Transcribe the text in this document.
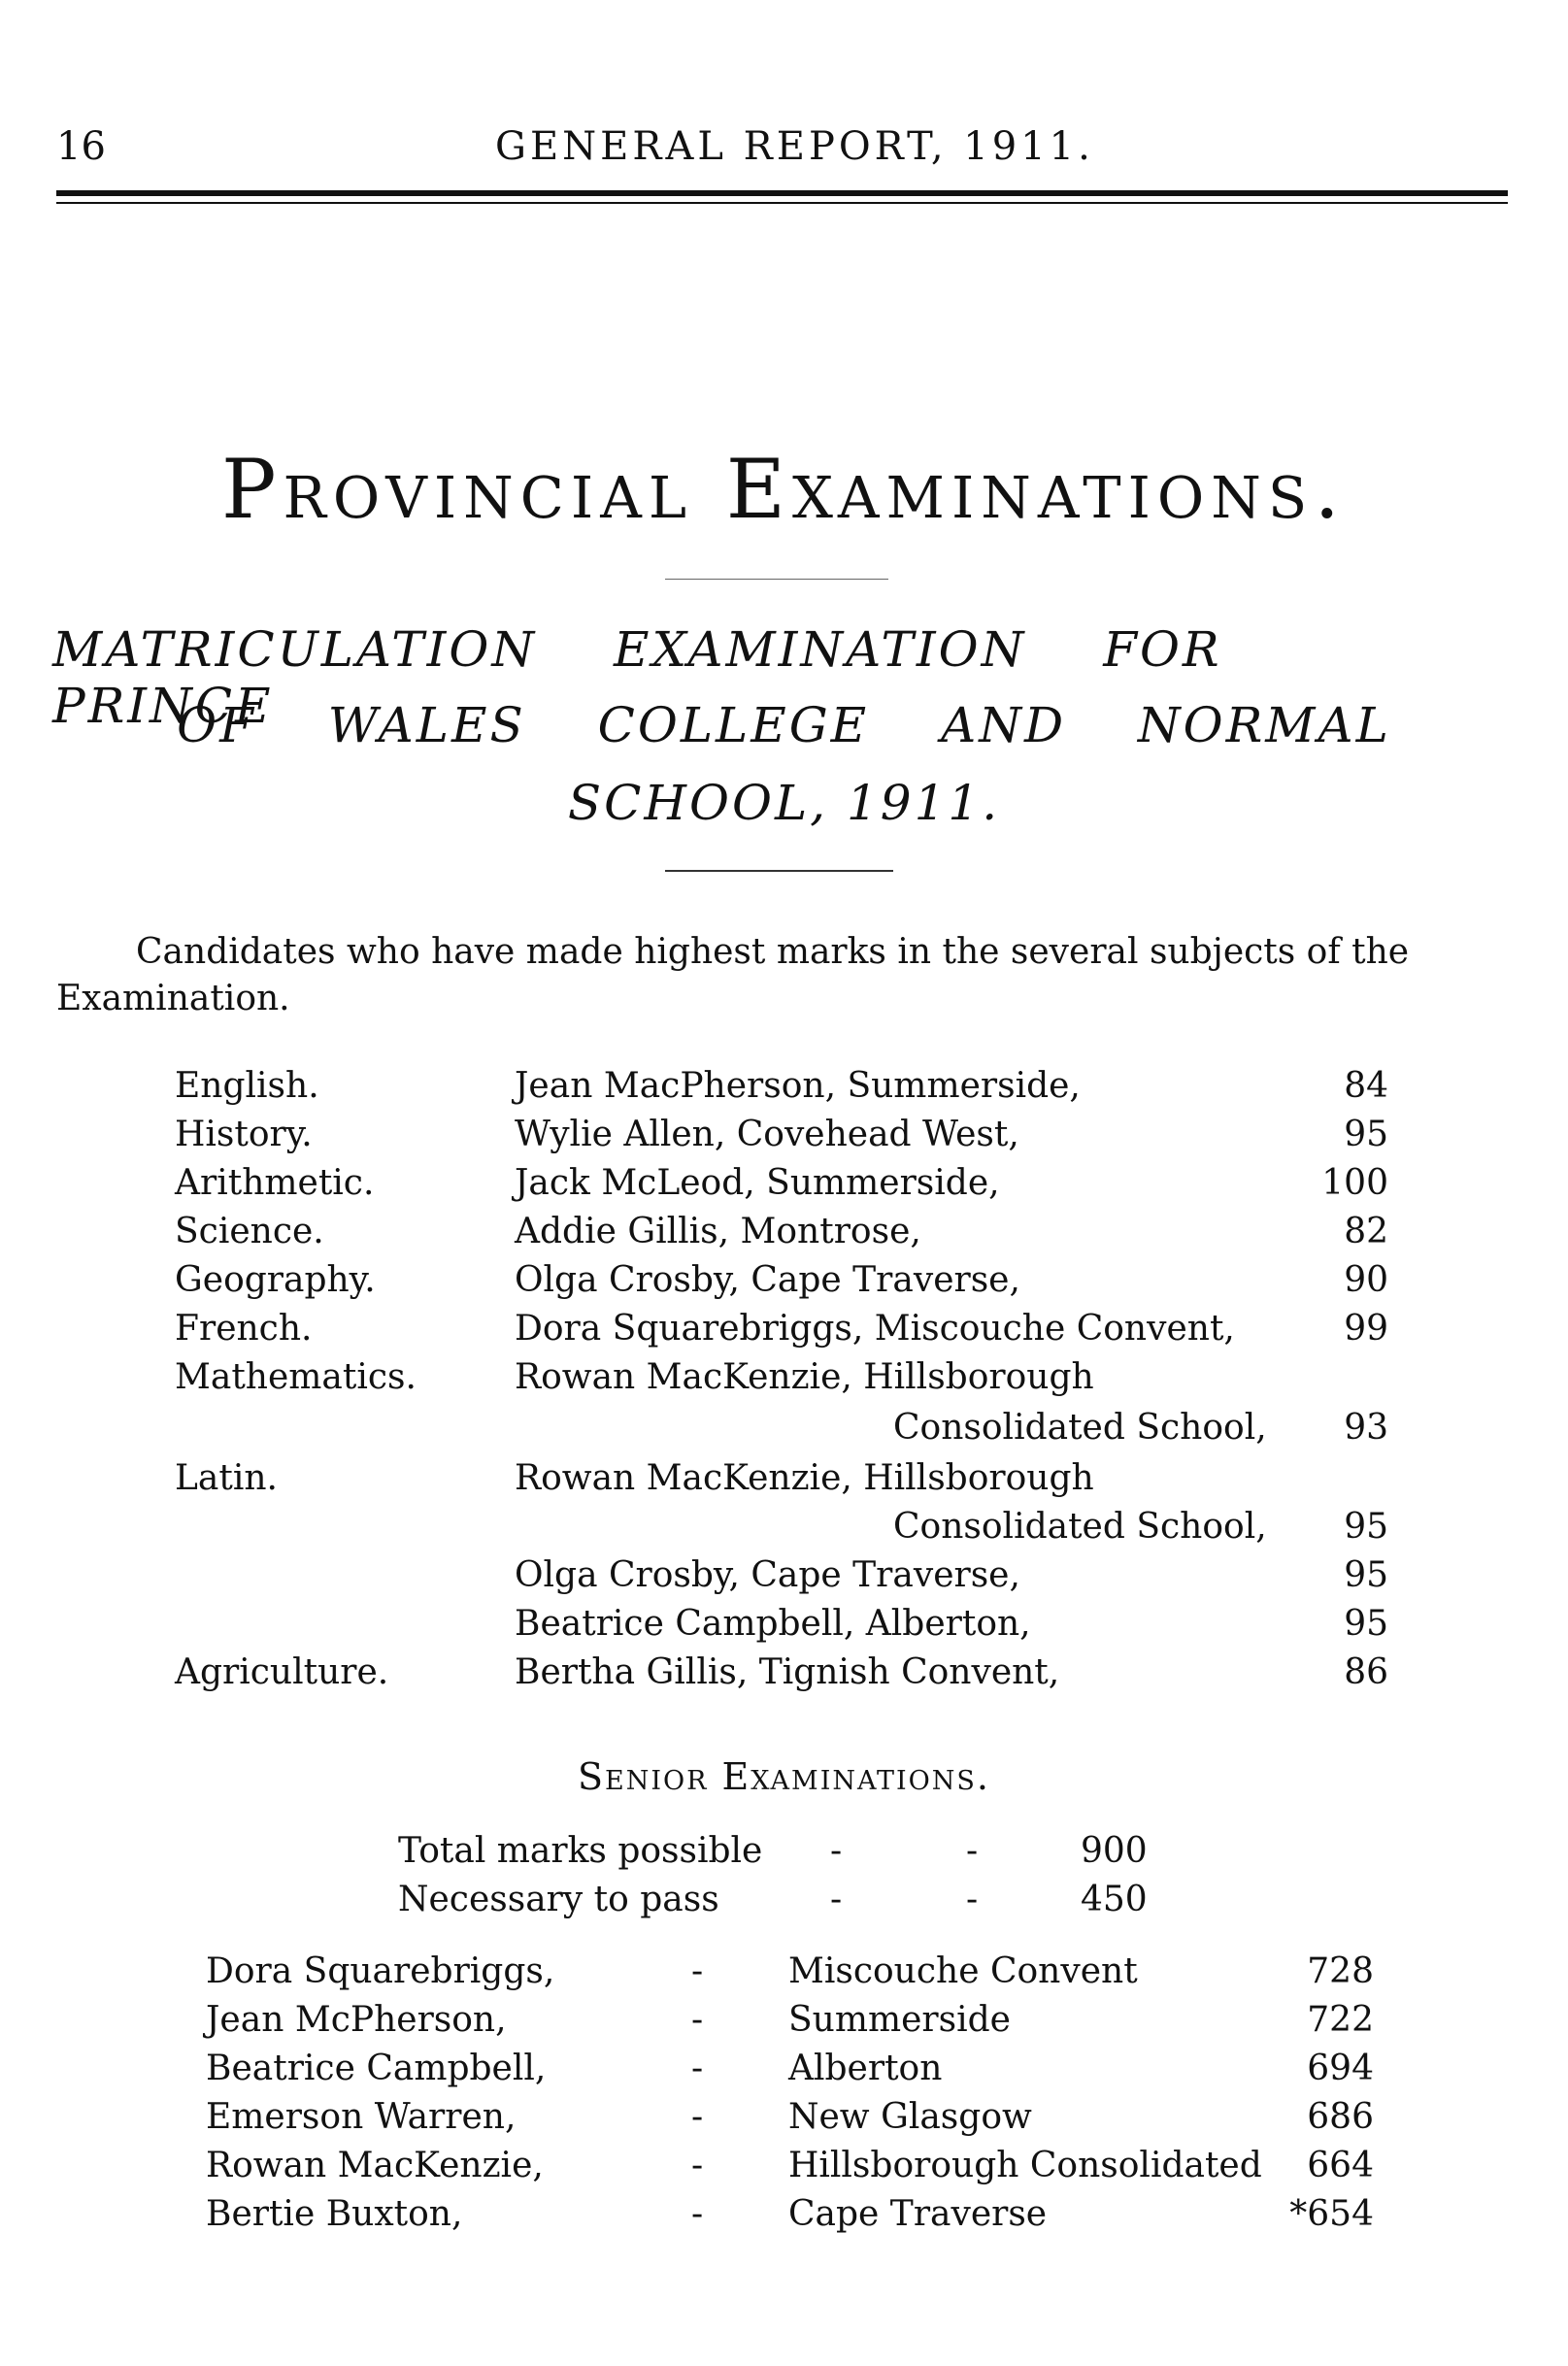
16	GENERAL REPORT, 1911.
Provincial Examinations.
MATRICULATION EXAMINATION FOR PRINCE
OF WALES COLLEGE AND NORMAL
SCHOOL, 1911.
Candidates who have made highest marks in the several subjects of the Examination.
English.	Jean MacPherson, Summerside,	84
History.	Wylie Allen, Covehead West,	95
Arithmetic.	Jack McLeod, Summerside,	100
Science.	Addie Gillis, Montrose,	82
Geography.	Olga Crosby, Cape Traverse,	90
French.	Dora Squarebriggs, Miscouche Convent,	99
Mathematics.	Rowan MacKenzie, Hillsborough
Consolidated School, 93
Latin.	Rowan MacKenzie, Hillsborough
Consolidated School, 95
Olga Crosby, Cape Traverse,	95
Beatrice Campbell, Alberton,	95
Agriculture.	Bertha Gillis, Tignish Convent,	86
Senior Examinations.
Total marks possible -	-	900
Necessary to pass	-	-	450
Dora Squarebriggs,	- Miscouche Convent	728
Jean McPherson,	- Summerside	722
Beatrice Campbell,	- Alberton	694
Emerson Warren,	- New Glasgow	686
Rowan MacKenzie,	- Hillsborough Consolidated 664
Bertie Buxton,	- Cape Traverse	*654
